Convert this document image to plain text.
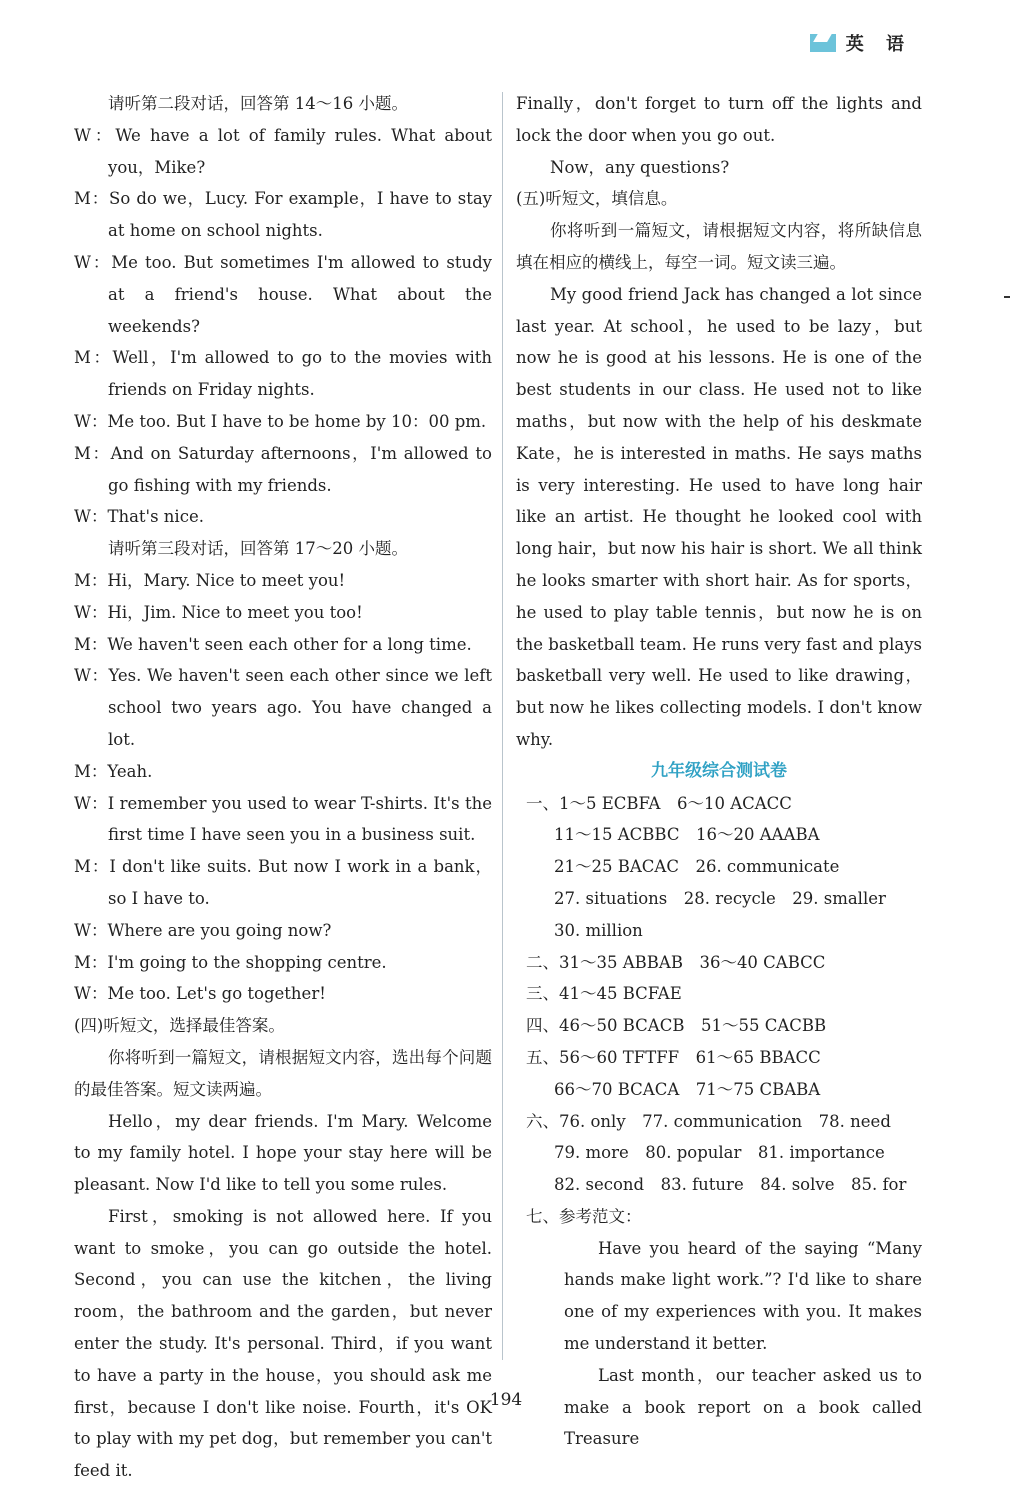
英 语

请听第二段对话，回答第 14～16 小题。

W：We have a lot of family rules. What about you，Mike?

M：So do we，Lucy. For example，I have to stay at home on school nights.

W：Me too. But sometimes I'm allowed to study at a friend's house. What about the weekends?

M：Well，I'm allowed to go to the movies with friends on Friday nights.

W：Me too. But I have to be home by 10：00 pm.

M：And on Saturday afternoons，I'm allowed to go fishing with my friends.

W：That's nice.

请听第三段对话，回答第 17～20 小题。

M：Hi，Mary. Nice to meet you!

W：Hi，Jim. Nice to meet you too!

M：We haven't seen each other for a long time.

W：Yes. We haven't seen each other since we left school two years ago. You have changed a lot.

M：Yeah.

W：I remember you used to wear T-shirts. It's the first time I have seen you in a business suit.

M：I don't like suits. But now I work in a bank，so I have to.

W：Where are you going now?

M：I'm going to the shopping centre.

W：Me too. Let's go together!

(四)听短文，选择最佳答案。

你将听到一篇短文，请根据短文内容，选出每个问题的最佳答案。短文读两遍。

Hello，my dear friends. I'm Mary. Welcome to my family hotel. I hope your stay here will be pleasant. Now I'd like to tell you some rules.

First，smoking is not allowed here. If you want to smoke，you can go outside the hotel. Second，you can use the kitchen，the living room，the bathroom and the garden，but never enter the study. It's personal. Third，if you want to have a party in the house，you should ask me first，because I don't like noise. Fourth，it's OK to play with my pet dog，but remember you can't feed it.

Finally，don't forget to turn off the lights and lock the door when you go out.

Now，any questions?

(五)听短文，填信息。

你将听到一篇短文，请根据短文内容，将所缺信息填在相应的横线上，每空一词。短文读三遍。

My good friend Jack has changed a lot since last year. At school，he used to be lazy，but now he is good at his lessons. He is one of the best students in our class. He used not to like maths，but now with the help of his deskmate Kate，he is interested in maths. He says maths is very interesting. He used to have long hair like an artist. He thought he looked cool with long hair，but now his hair is short. We all think he looks smarter with short hair. As for sports，he used to play table tennis，but now he is on the basketball team. He runs very fast and plays basketball very well. He used to like drawing，but now he likes collecting models. I don't know why.

九年级综合测试卷
一、1～5 ECBFA　6～10 ACACC
11～15 ACBBC　16～20 AAABA
21～25 BACAC　26. communicate
27. situations　28. recycle　29. smaller
30. million
二、31～35 ABBAB　36～40 CABCC
三、41～45 BCFAE
四、46～50 BCACB　51～55 CACBB
五、56～60 TFTFF　61～65 BBACC
66～70 BCACA　71～75 CBABA
六、76. only　77. communication　78. need
79. more　80. popular　81. importance
82. second　83. future　84. solve　85. for
七、参考范文：

Have you heard of the saying “Many hands make light work.”? I'd like to share one of my experiences with you. It makes me understand it better.

Last month，our teacher asked us to make a book report on a book called Treasure

194
